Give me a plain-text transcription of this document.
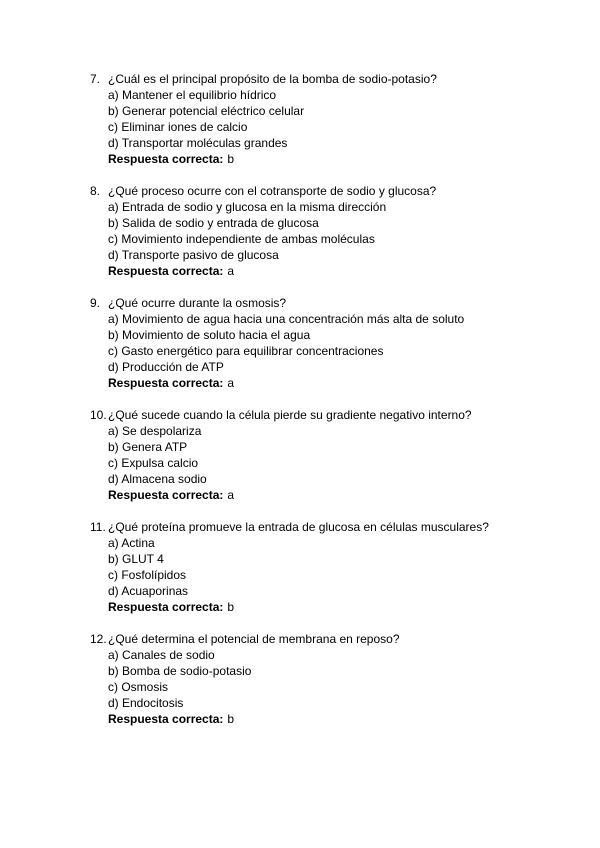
7. ¿Cuál es el principal propósito de la bomba de sodio-potasio?
a) Mantener el equilibrio hídrico
b) Generar potencial eléctrico celular
c) Eliminar iones de calcio
d) Transportar moléculas grandes
Respuesta correcta: b
8. ¿Qué proceso ocurre con el cotransporte de sodio y glucosa?
a) Entrada de sodio y glucosa en la misma dirección
b) Salida de sodio y entrada de glucosa
c) Movimiento independiente de ambas moléculas
d) Transporte pasivo de glucosa
Respuesta correcta: a
9. ¿Qué ocurre durante la osmosis?
a) Movimiento de agua hacia una concentración más alta de soluto
b) Movimiento de soluto hacia el agua
c) Gasto energético para equilibrar concentraciones
d) Producción de ATP
Respuesta correcta: a
10. ¿Qué sucede cuando la célula pierde su gradiente negativo interno?
a) Se despolariza
b) Genera ATP
c) Expulsa calcio
d) Almacena sodio
Respuesta correcta: a
11. ¿Qué proteína promueve la entrada de glucosa en células musculares?
a) Actina
b) GLUT 4
c) Fosfolípidos
d) Acuaporinas
Respuesta correcta: b
12. ¿Qué determina el potencial de membrana en reposo?
a) Canales de sodio
b) Bomba de sodio-potasio
c) Osmosis
d) Endocitosis
Respuesta correcta: b
